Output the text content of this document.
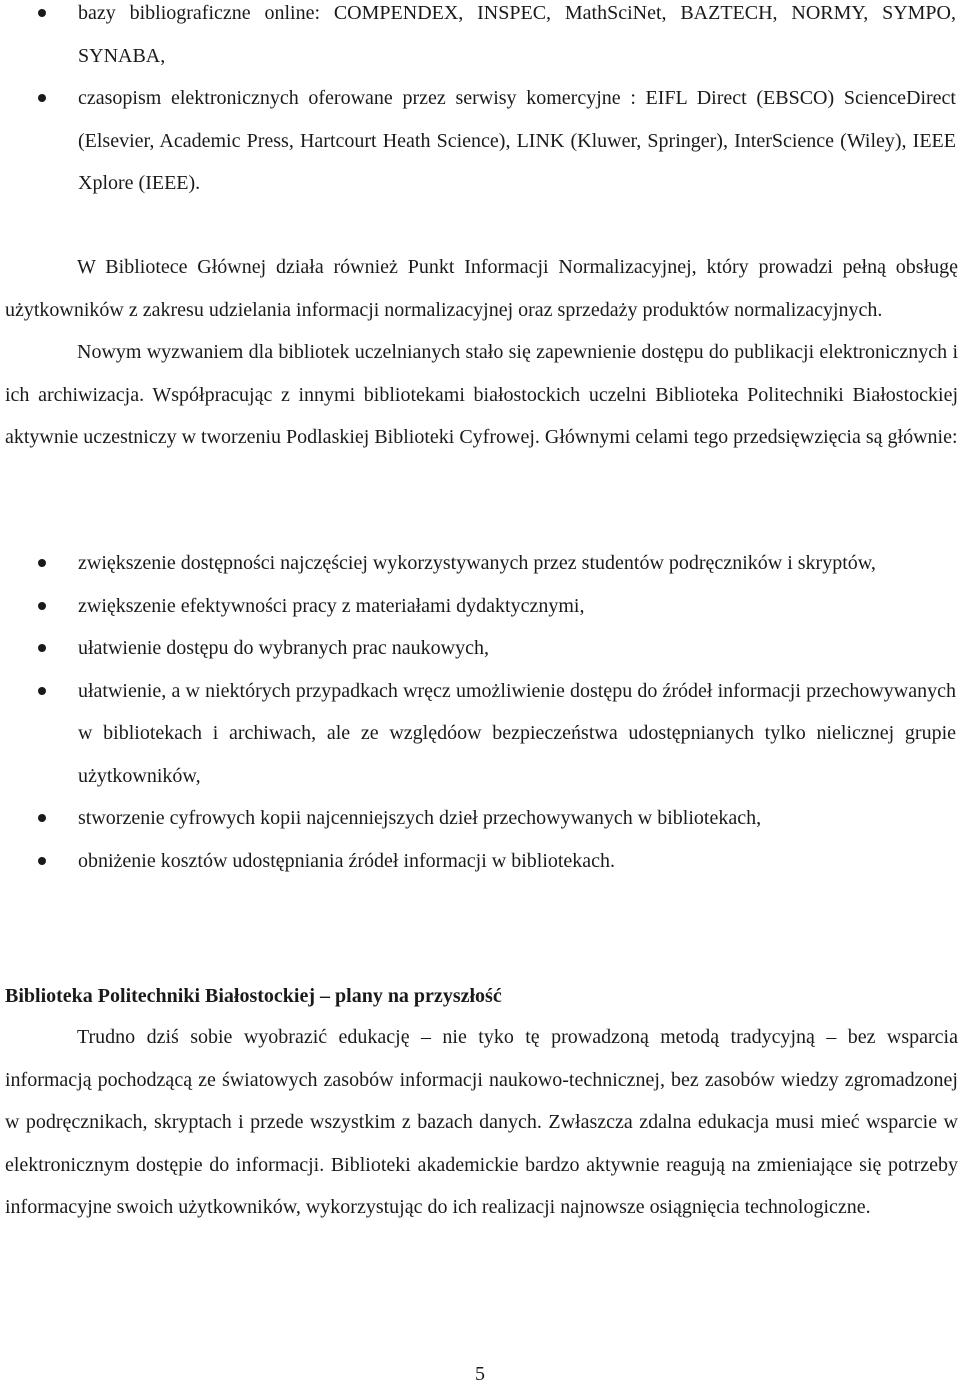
bazy bibliograficzne online: COMPENDEX, INSPEC, MathSciNet, BAZTECH, NORMY, SYMPO, SYNABA,
czasopism elektronicznych oferowane przez serwisy komercyjne : EIFL Direct (EBSCO) ScienceDirect (Elsevier, Academic Press, Hartcourt Heath Science), LINK (Kluwer, Springer), InterScience (Wiley), IEEE Xplore (IEEE).

W Bibliotece Głównej działa również Punkt Informacji Normalizacyjnej, który prowadzi pełną obsługę użytkowników z zakresu udzielania informacji normalizacyjnej oraz sprzedaży produktów normalizacyjnych.

Nowym wyzwaniem dla bibliotek uczelnianych stało się zapewnienie dostępu do publikacji elektronicznych i ich archiwizacja. Współpracując z innymi bibliotekami białostockich uczelni Biblioteka Politechniki Białostockiej aktywnie uczestniczy w tworzeniu Podlaskiej Biblioteki Cyfrowej. Głównymi celami tego przedsięwzięcia są głównie:

zwiększenie dostępności najczęściej wykorzystywanych przez studentów podręczników i skryptów,
zwiększenie efektywności pracy z materiałami dydaktycznymi,
ułatwienie dostępu do wybranych prac naukowych,
ułatwienie, a w niektórych przypadkach wręcz umożliwienie dostępu do źródeł informacji przechowywanych w bibliotekach i archiwach, ale ze względóow bezpieczeństwa udostępnianych tylko nielicznej grupie użytkowników,
stworzenie cyfrowych kopii najcenniejszych dzieł przechowywanych w bibliotekach,
obniżenie kosztów udostępniania źródeł informacji w bibliotekach.
Biblioteka Politechniki Białostockiej – plany na przyszłość

Trudno dziś sobie wyobrazić edukację – nie tyko tę prowadzoną metodą tradycyjną – bez wsparcia informacją pochodzącą ze światowych zasobów informacji naukowo-technicznej, bez zasobów wiedzy zgromadzonej w podręcznikach, skryptach i przede wszystkim z bazach danych. Zwłaszcza zdalna edukacja musi mieć wsparcie w elektronicznym dostępie do informacji. Biblioteki akademickie bardzo aktywnie reagują na zmieniające się potrzeby informacyjne swoich użytkowników, wykorzystując do ich realizacji najnowsze osiągnięcia technologiczne.

5
